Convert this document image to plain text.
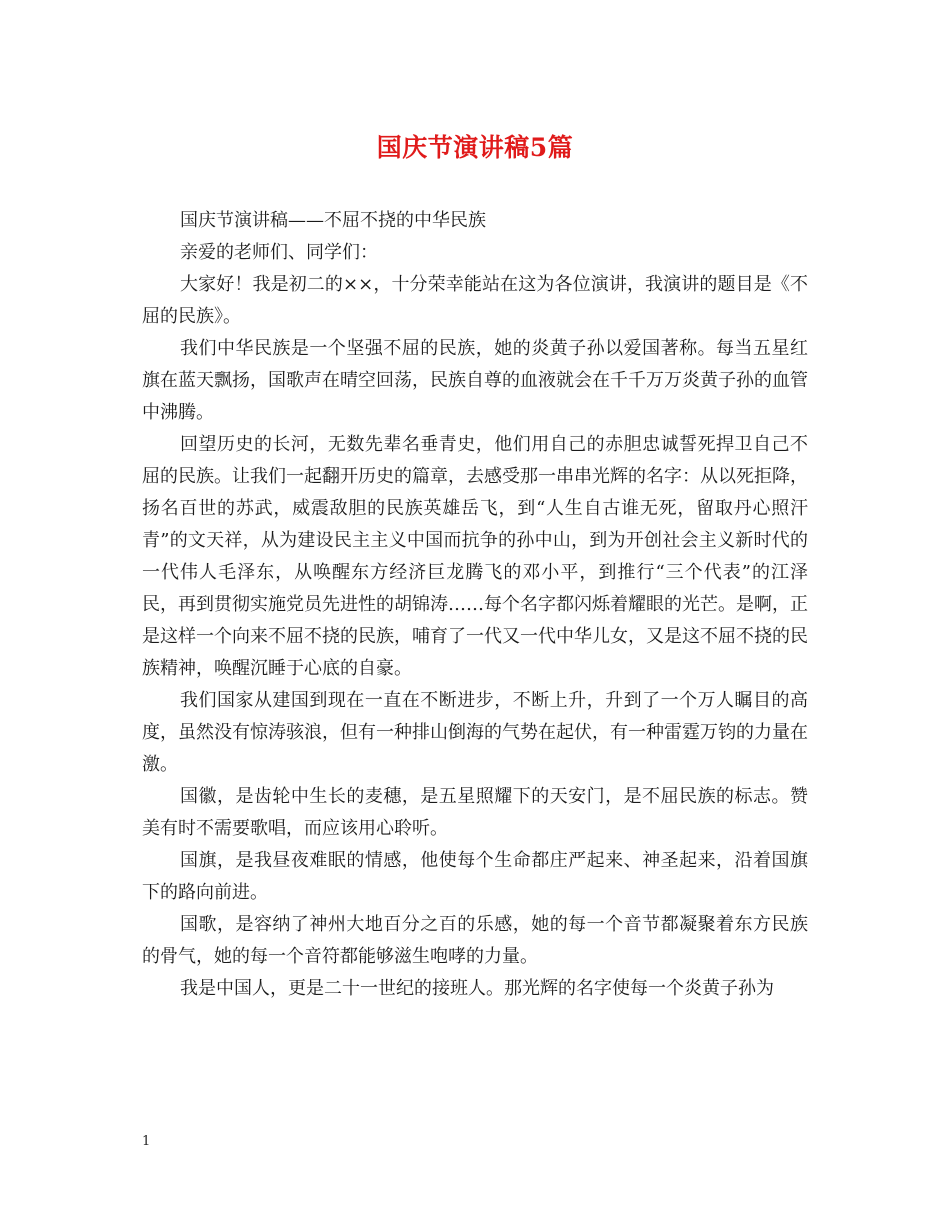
国庆节演讲稿5篇

国庆节演讲稿——不屈不挠的中华民族

亲爱的老师们、同学们：

大家好！我是初二的××，十分荣幸能站在这为各位演讲，我演讲的题目是《不屈的民族》。

我们中华民族是一个坚强不屈的民族，她的炎黄子孙以爱国著称。每当五星红旗在蓝天飘扬，国歌声在晴空回荡，民族自尊的血液就会在千千万万炎黄子孙的血管中沸腾。

回望历史的长河，无数先辈名垂青史，他们用自己的赤胆忠诚誓死捍卫自己不屈的民族。让我们一起翻开历史的篇章，去感受那一串串光辉的名字：从以死拒降，扬名百世的苏武，威震敌胆的民族英雄岳飞，到“人生自古谁无死，留取丹心照汗青”的文天祥，从为建设民主主义中国而抗争的孙中山，到为开创社会主义新时代的一代伟人毛泽东，从唤醒东方经济巨龙腾飞的邓小平，到推行“三个代表”的江泽民，再到贯彻实施党员先进性的胡锦涛……每个名字都闪烁着耀眼的光芒。是啊，正是这样一个向来不屈不挠的民族，哺育了一代又一代中华儿女，又是这不屈不挠的民族精神，唤醒沉睡于心底的自豪。

我们国家从建国到现在一直在不断进步，不断上升，升到了一个万人瞩目的高度，虽然没有惊涛骇浪，但有一种排山倒海的气势在起伏，有一种雷霆万钧的力量在激。

国徽，是齿轮中生长的麦穗，是五星照耀下的天安门，是不屈民族的标志。赞美有时不需要歌唱，而应该用心聆听。

国旗，是我昼夜难眠的情感，他使每个生命都庄严起来、神圣起来，沿着国旗下的路向前进。

国歌，是容纳了神州大地百分之百的乐感，她的每一个音节都凝聚着东方民族的骨气，她的每一个音符都能够滋生咆哮的力量。

我是中国人，更是二十一世纪的接班人。那光辉的名字使每一个炎黄子孙为

1
